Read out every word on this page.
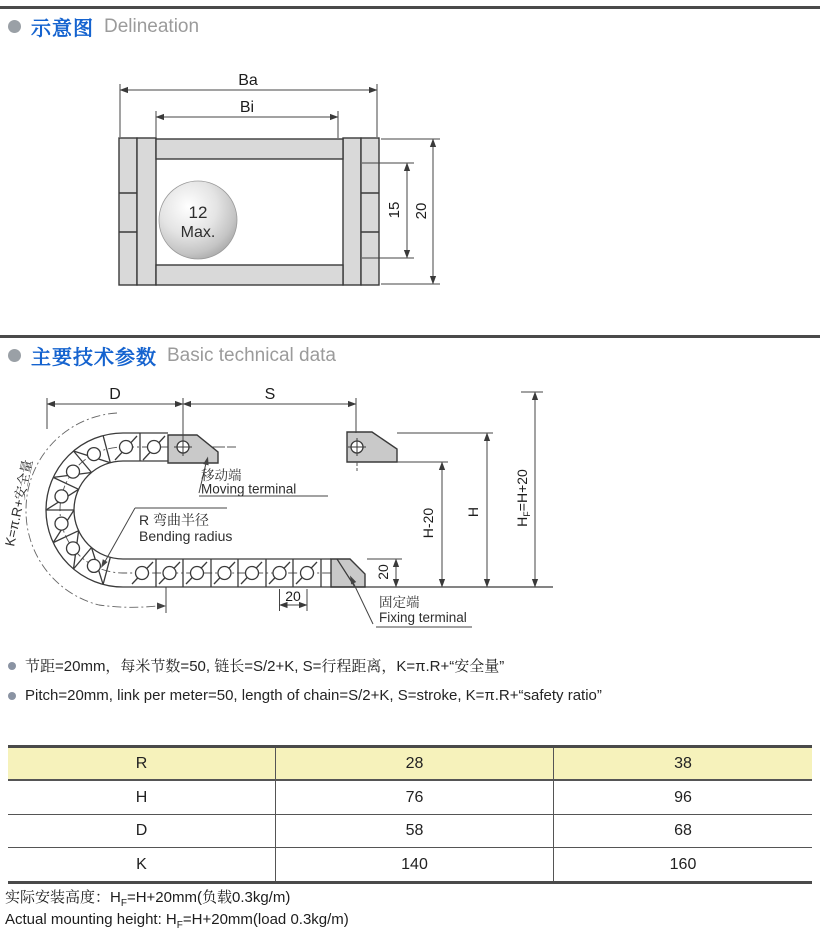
示意图 Delineation
12
Max.
Ba
Bi
15 20
主要技术参数 Basic technical data
D	S
K=π.R+安全量	移动端
Moving terminal
R 弯曲半径
Bending radius
固定端
Fixing terminal
H-20 H
$H_F=H+20$
20
20
节距=20mm，每米节数=50, 链长=S/2+K, S=行程距离，K=π.R+“安全量”
Pitch=20mm, link per meter=50, length of chain=S/2+K, S=stroke, K=π.R+“safety ratio”
R	28	38
H	76	96
D	58	68
K	140	160
实际安装高度：$H_F=H+20mm$(负载0.3kg/m)
Actual mounting height: $H_F=H+20mm(load$ 0.3kg/m)
